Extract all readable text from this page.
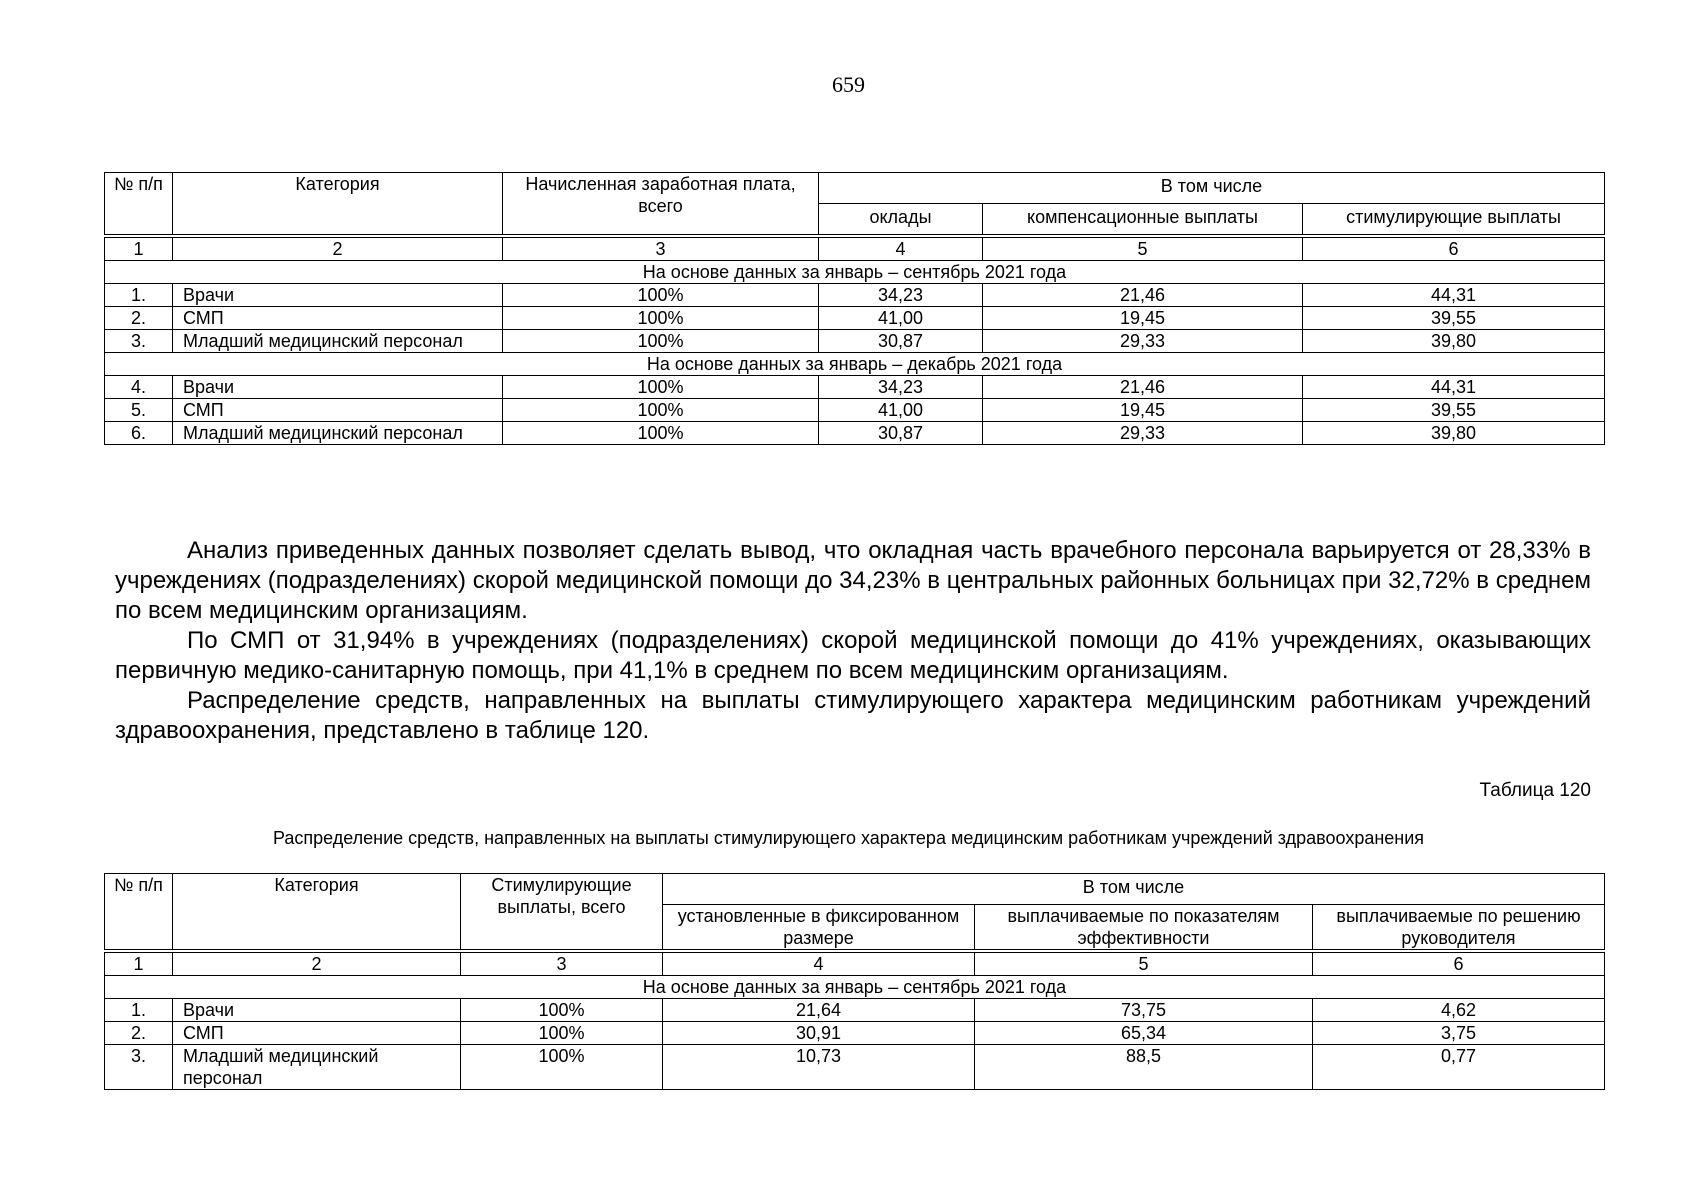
659
№ п/п	Категория	Начисленная заработная плата, всего	В том числе		
			оклады	компенсационные выплаты	стимулирующие выплаты

1	2	3	4	5	6
На основе данных за январь – сентябрь 2021 года					
1.	Врачи	100%	34,23	21,46	44,31
2.	СМП	100%	41,00	19,45	39,55
3.	Младший медицинский персонал	100%	30,87	29,33	39,80
На основе данных за январь – декабрь 2021 года					
4.	Врачи	100%	34,23	21,46	44,31
5.	СМП	100%	41,00	19,45	39,55
6.	Младший медицинский персонал	100%	30,87	29,33	39,80

Анализ приведенных данных позволяет сделать вывод, что окладная часть врачебного персонала варьируется от 28,33% в учреждениях (подразделениях) скорой медицинской помощи до 34,23% в центральных районных больницах при 32,72% в среднем по всем медицинским организациям.

По СМП от 31,94% в учреждениях (подразделениях) скорой медицинской помощи до 41% учреждениях, оказывающих первичную медико-санитарную помощь, при 41,1% в среднем по всем медицинским организациям.

Распределение средств, направленных на выплаты стимулирующего характера медицинским работникам учреждений здравоохранения, представлено в таблице 120.

Таблица 120
Распределение средств, направленных на выплаты стимулирующего характера медицинским работникам учреждений здравоохранения
№ п/п	Категория	Стимулирующие выплаты, всего	В том числе		
			установленные в фиксированном размере	выплачиваемые по показателям эффективности	выплачиваемые по решению руководителя

1	2	3	4	5	6
На основе данных за январь – сентябрь 2021 года					
1.	Врачи	100%	21,64	73,75	4,62
2.	СМП	100%	30,91	65,34	3,75
3.	Младший медицинский персонал	100%	10,73	88,5	0,77
